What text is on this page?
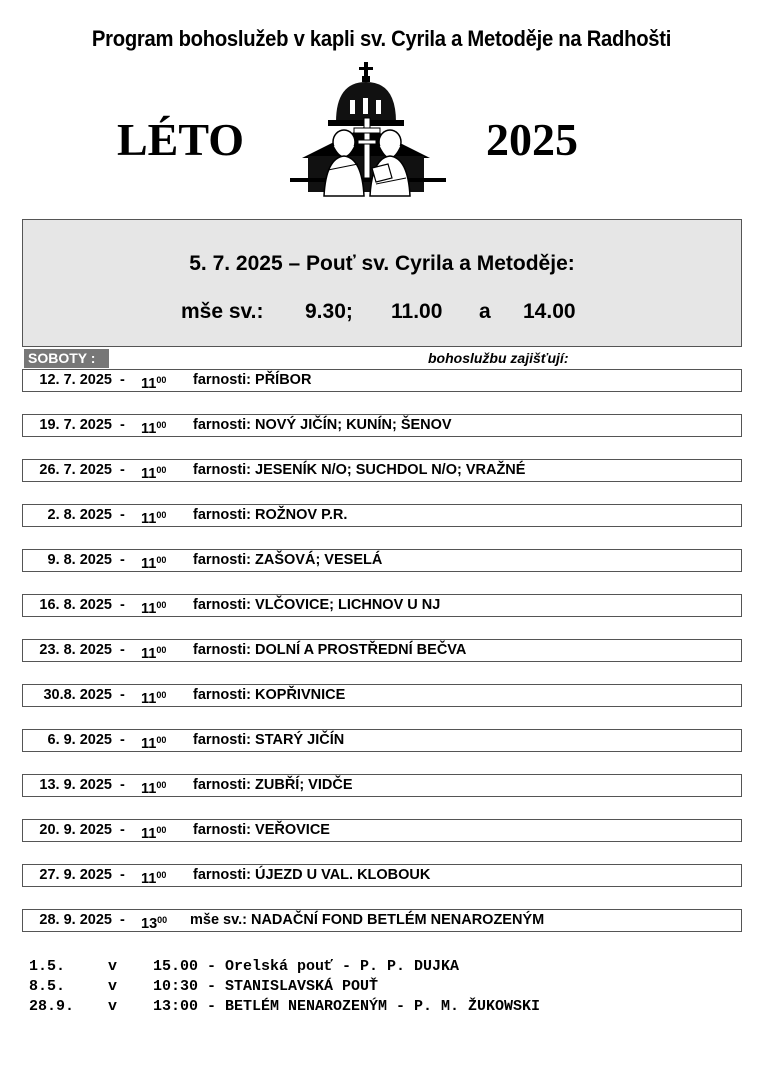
Program bohoslužeb v kapli sv. Cyrila a Metoděje na Radhošti
LÉTO	2025
5. 7. 2025 – Pouť sv. Cyrila a Metoděje:
mše sv.: 9.30; 11.00 a 14.00
SOBOTY :	bohoslužbu zajišťují:
12. 7. $2025 - 11^{00}$ farnosti: PŘÍBOR
19. 7. $2025 - 11^{00}$ farnosti: NOVÝ JIČÍN; KUNÍN; ŠENOV
26. 7. $2025 - 11^{00}$ farnosti: JESENÍK N/O; SUCHDOL N/O; VRAŽNÉ
2. 8. $2025 - 11^{00}$ farnosti: ROŽNOV P.R.
9. 8. $2025 - 11^{00}$ farnosti: ZAŠOVÁ; VESELÁ
16. 8. $2025 - 11^{00}$ farnosti: VLČOVICE; LICHNOV U NJ
23. 8. $2025 - 11^{00}$ farnosti: DOLNÍ A PROSTŘEDNÍ BEČVA
30.8. $2025 - 11^{00}$ farnosti: KOPŘIVNICE
6. 9. $2025 - 11^{00}$ farnosti: STARÝ JIČÍN
13. 9. $2025 - 11^{00}$ farnosti: ZUBŘÍ; VIDČE
20. 9. $2025 - 11^{00}$ farnosti: VEŘOVICE
27. 9. $2025 - 11^{00}$ farnosti: ÚJEZD U VAL. KLOBOUK
28. 9. $2025 - 13^{00}$ mše sv.: NADAČNÍ FOND BETLÉM NENAROZENÝM
1.5.	v 15.00 - Orelská pouť - P. P. DUJKA
8.5.	v 10:30 - STANISLAVSKÁ POUŤ
28.9. v 13:00 - BETLÉM NENAROZENÝM - P. M. ŽUKOWSKI
